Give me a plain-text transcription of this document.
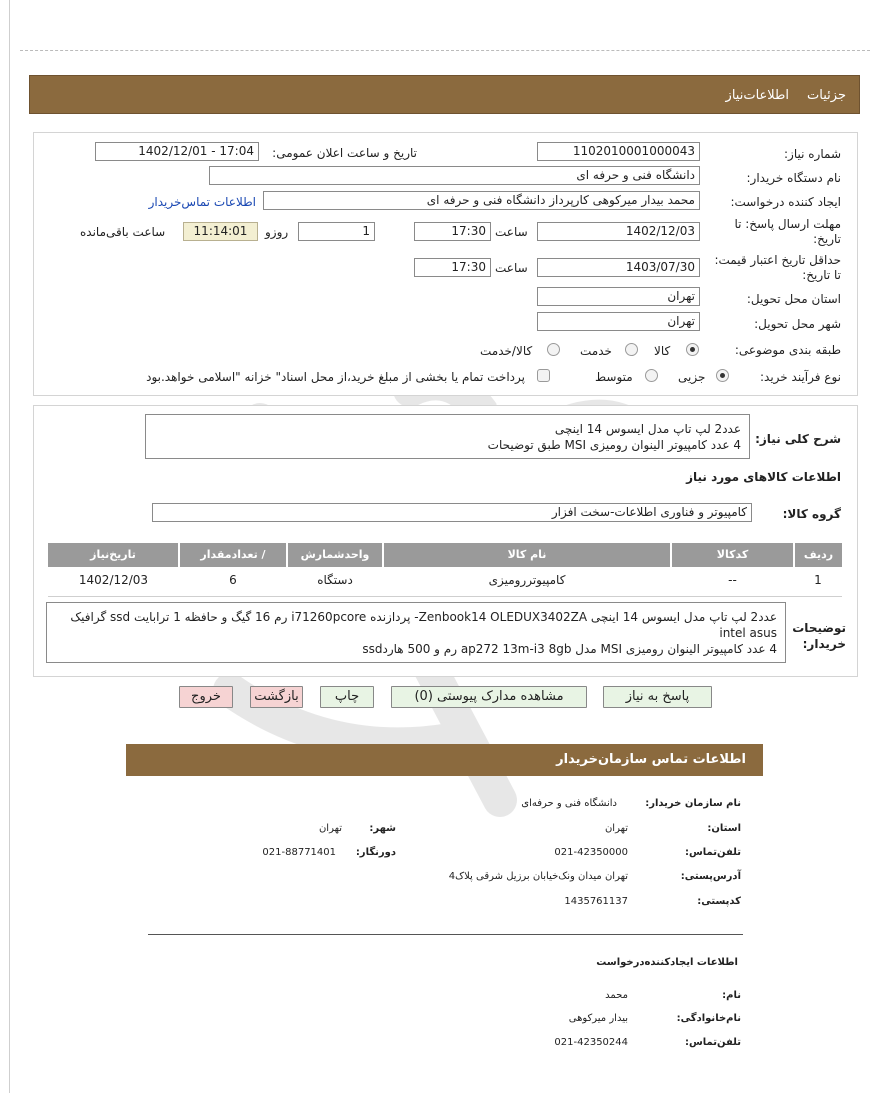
جزئیات
اطلاعات‌نیاز
شماره نیاز:
1102010001000043
تاریخ و ساعت اعلان عمومی:
1402/12/01 - 17:04
نام دستگاه خریدار:
دانشگاه فنی و حرفه ای
ایجاد کننده درخواست:
محمد بیدار میرکوهی کارپرداز دانشگاه فنی و حرفه ای
اطلاعات تماس‌خریدار
مهلت ارسال پاسخ: تا تاریخ:
1402/12/03
ساعت
17:30
1
روزو
11:14:01
ساعت باقی‌مانده
حداقل تاریخ اعتبار قیمت: تا تاریخ:
1403/07/30
ساعت
17:30
استان محل تحویل:
تهران
شهر محل تحویل:
تهران
طبقه بندی موضوعی:
کالا
خدمت
کالا/خدمت
نوع فرآیند خرید:
جزیی
متوسط
پرداخت تمام یا بخشی از مبلغ خرید،از محل اسناد" خزانه "اسلامی خواهد.بود
شرح کلی نیاز:
عدد2 لپ تاپ مدل ایسوس 14 اینچی
4 عدد کامپیوتر الینوان رومیزی MSI طبق توضیحات
اطلاعات کالاهای مورد نیاز
گروه کالا:
کامپیوتر و فناوری اطلاعات-سخت افزار
تاریخ‌نیاز	تعدادمقدار /	واحدشمارش	نام کالا	کدکالا	ردیف
1402/12/03	6	دستگاه	کامپیوتررومیزی	--	1
توضیحات خریدار:
عدد2 لپ تاپ مدل ایسوس 14 اینچی Zenbook14 OLEDUX3402ZA- پردازنده i71260pcore رم 16 گیگ و حافظه 1 ترابایت ssd گرافیک intel asus
4 عدد کامپیوتر الینوان رومیزی MSI مدل ap272 13m-i3 8gb رم و 500 هاردssd
پاسخ به نیاز
مشاهده مدارک پیوستی (0)
چاپ
بازگشت
خروج
اطلاعات تماس سازمان‌خریدار
نام سازمان خریدار:
دانشگاه فنی و حرفه‌ای
استان:
تهران
شهر:
تهران
تلفن‌تماس:
021-42350000
دورنگار:
021-88771401
آدرس‌پستی:
تهران میدان ونک‌خیابان برزیل شرقی پلاک4
کدپستی:
1435761137
اطلاعات ایجادکننده‌درخواست
نام:
محمد
نام‌خانوادگی:
بیدار میرکوهی
تلفن‌تماس:
021-42350244
